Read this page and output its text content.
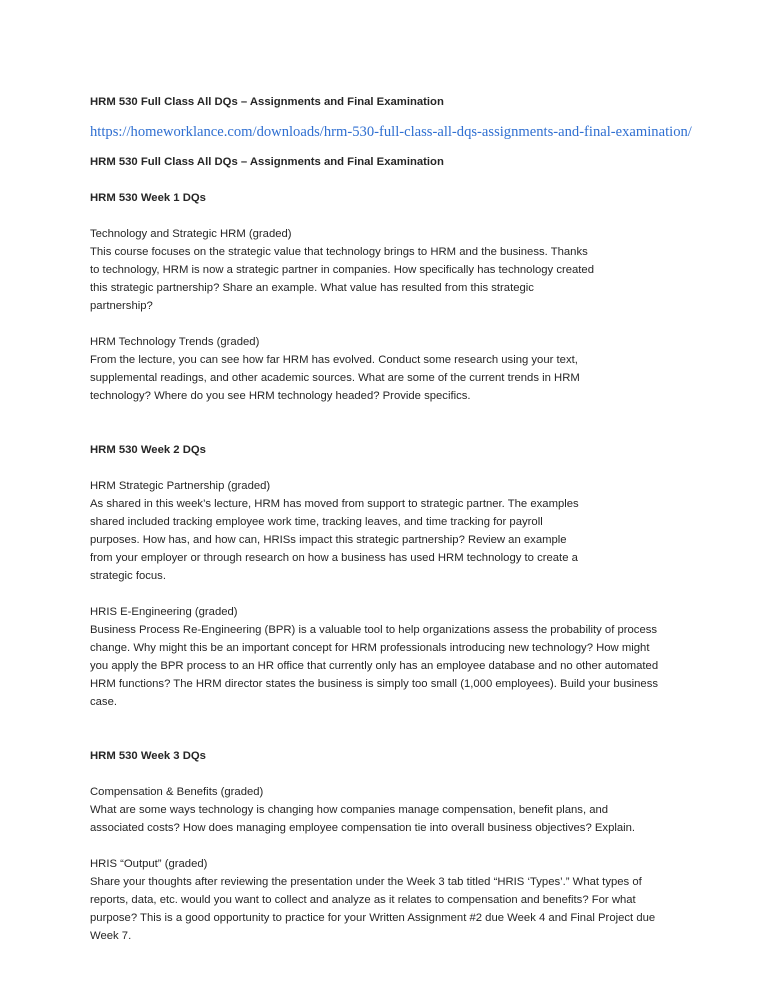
HRM 530 Full Class All DQs – Assignments and Final Examination
https://homeworklance.com/downloads/hrm-530-full-class-all-dqs-assignments-and-final-examination/
HRM 530 Full Class All DQs – Assignments and Final Examination
HRM 530 Week 1 DQs
Technology and Strategic HRM (graded)
This course focuses on the strategic value that technology brings to HRM and the business. Thanks
to technology, HRM is now a strategic partner in companies. How specifically has technology created
this strategic partnership? Share an example. What value has resulted from this strategic
partnership?
HRM Technology Trends (graded)
From the lecture, you can see how far HRM has evolved. Conduct some research using your text,
supplemental readings, and other academic sources. What are some of the current trends in HRM
technology? Where do you see HRM technology headed? Provide specifics.
HRM 530 Week 2 DQs
HRM Strategic Partnership (graded)
As shared in this week’s lecture, HRM has moved from support to strategic partner. The examples
shared included tracking employee work time, tracking leaves, and time tracking for payroll
purposes. How has, and how can, HRISs impact this strategic partnership? Review an example
from your employer or through research on how a business has used HRM technology to create a
strategic focus.
HRIS E-Engineering (graded)
Business Process Re-Engineering (BPR) is a valuable tool to help organizations assess the probability of process
change. Why might this be an important concept for HRM professionals introducing new technology? How might
you apply the BPR process to an HR office that currently only has an employee database and no other automated
HRM functions? The HRM director states the business is simply too small (1,000 employees). Build your business
case.
HRM 530 Week 3 DQs
Compensation & Benefits (graded)
What are some ways technology is changing how companies manage compensation, benefit plans, and
associated costs? How does managing employee compensation tie into overall business objectives? Explain.
HRIS “Output” (graded)
Share your thoughts after reviewing the presentation under the Week 3 tab titled “HRIS ‘Types’.” What types of
reports, data, etc. would you want to collect and analyze as it relates to compensation and benefits? For what
purpose? This is a good opportunity to practice for your Written Assignment #2 due Week 4 and Final Project due
Week 7.
